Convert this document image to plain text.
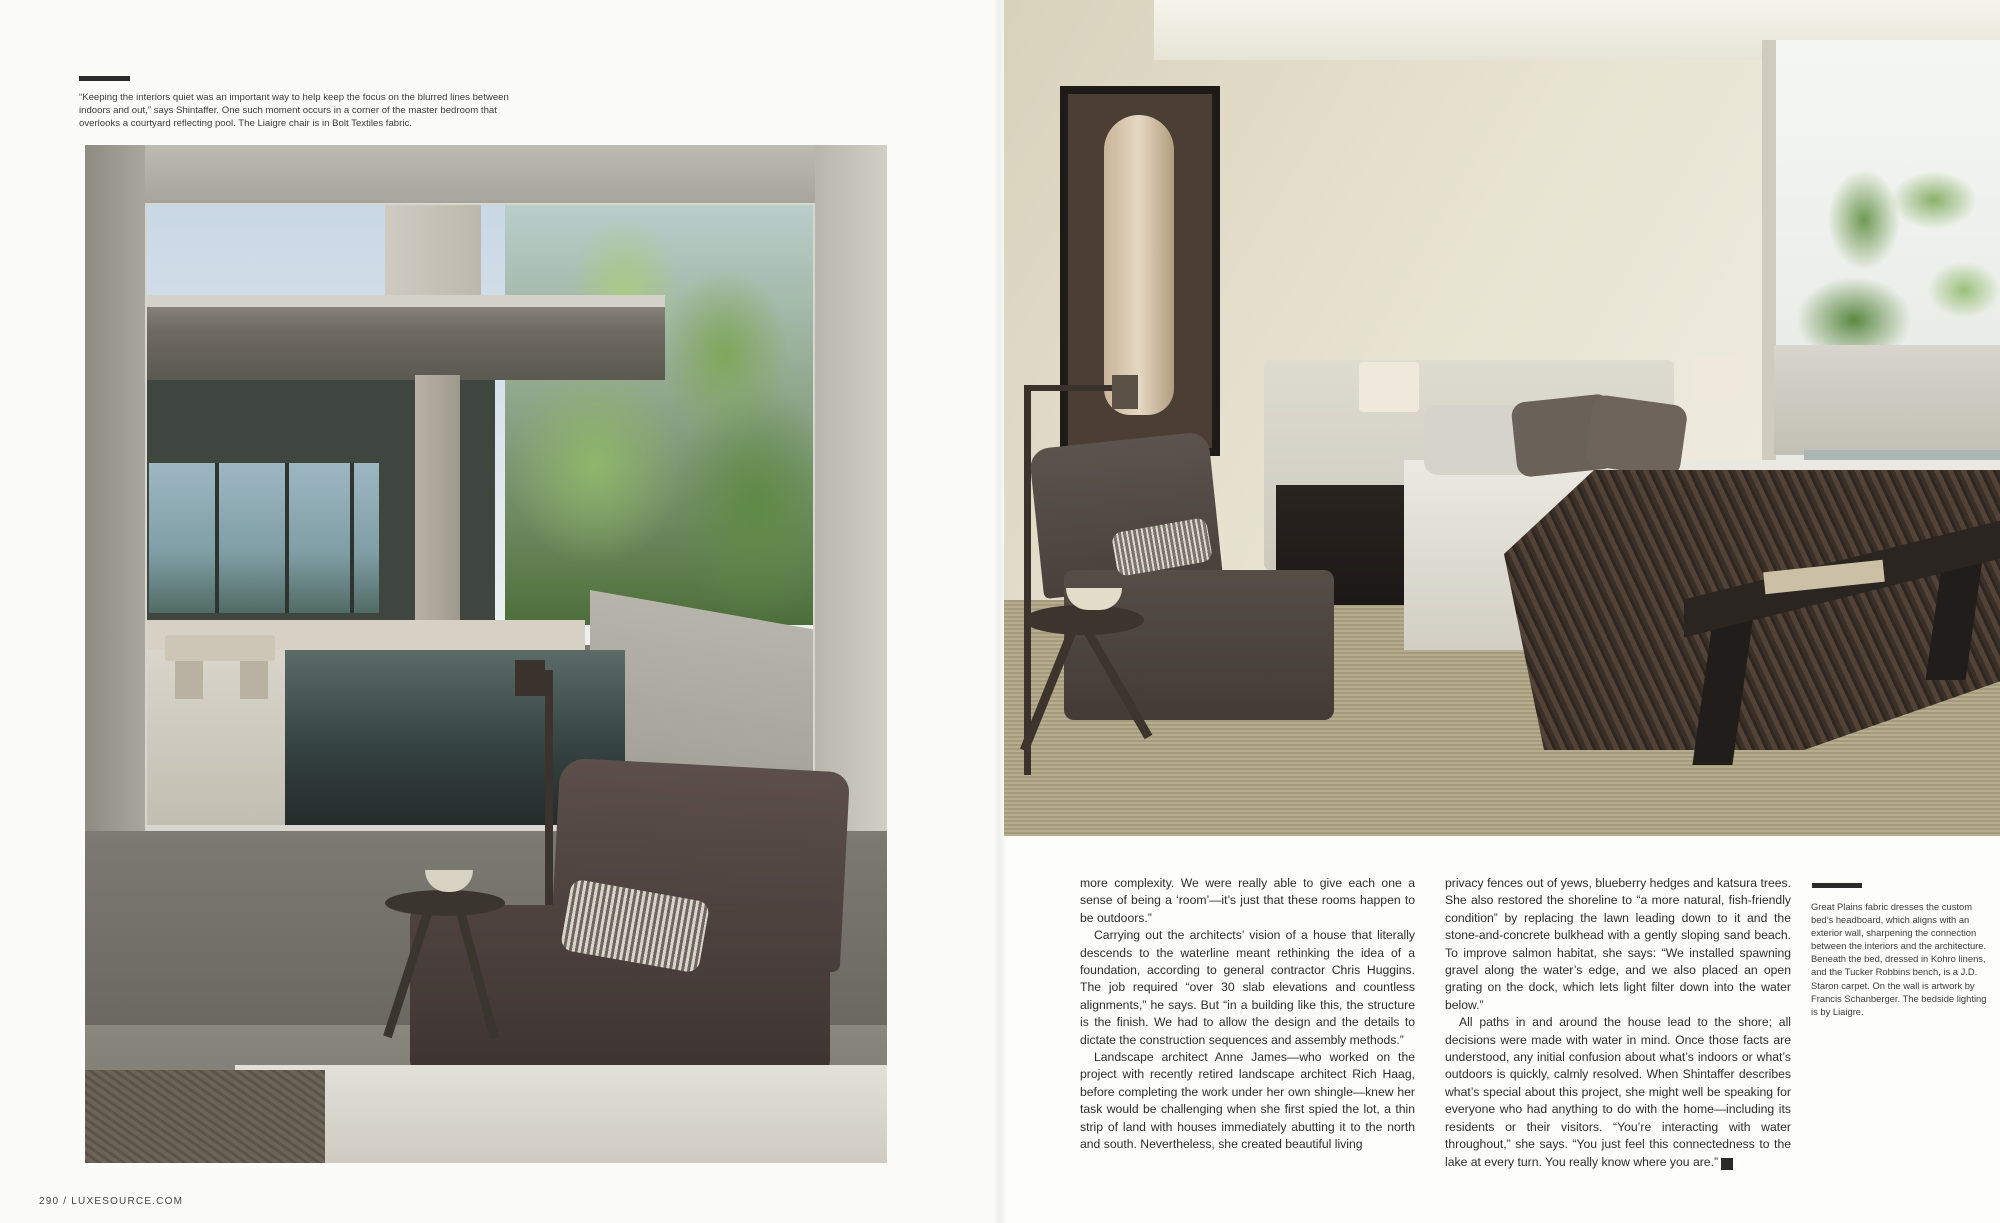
“Keeping the interiors quiet was an important way to help keep the focus on the blurred lines between indoors and out,” says Shintaffer. One such moment occurs in a corner of the master bedroom that overlooks a courtyard reflecting pool. The Liaigre chair is in Bolt Textiles fabric.

290 / LUXESOURCE.COM

more complexity. We were really able to give each one a sense of being a ‘room’—it’s just that these rooms happen to be outdoors.”

Carrying out the architects’ vision of a house that literally descends to the waterline meant rethinking the idea of a foundation, according to general contractor Chris Huggins. The job required “over 30 slab elevations and countless alignments,” he says. But “in a building like this, the structure is the finish. We had to allow the design and the details to dictate the construction sequences and assembly methods.”

Landscape architect Anne James—who worked on the project with recently retired landscape architect Rich Haag, before completing the work under her own shingle—knew her task would be challenging when she first spied the lot, a thin strip of land with houses immediately abutting it to the north and south. Nevertheless, she created beautiful living

privacy fences out of yews, blueberry hedges and katsura trees. She also restored the shoreline to “a more natural, fish-friendly condition” by replacing the lawn leading down to it and the stone-and-concrete bulkhead with a gently sloping sand beach. To improve salmon habitat, she says: “We installed spawning gravel along the water’s edge, and we also placed an open grating on the dock, which lets light filter down into the water below.”

All paths in and around the house lead to the shore; all decisions were made with water in mind. Once those facts are understood, any initial confusion about what’s indoors or what’s outdoors is quickly, calmly resolved. When Shintaffer describes what’s special about this project, she might well be speaking for everyone who had anything to do with the home—including its residents or their visitors. “You’re interacting with water throughout,” she says. “You just feel this connectedness to the lake at every turn. You really know where you are.” L

Great Plains fabric dresses the custom bed’s headboard, which aligns with an exterior wall, sharpening the connection between the interiors and the architecture. Beneath the bed, dressed in Kohro linens, and the Tucker Robbins bench, is a J.D. Staron carpet. On the wall is artwork by Francis Schanberger. The bedside lighting is by Liaigre.
